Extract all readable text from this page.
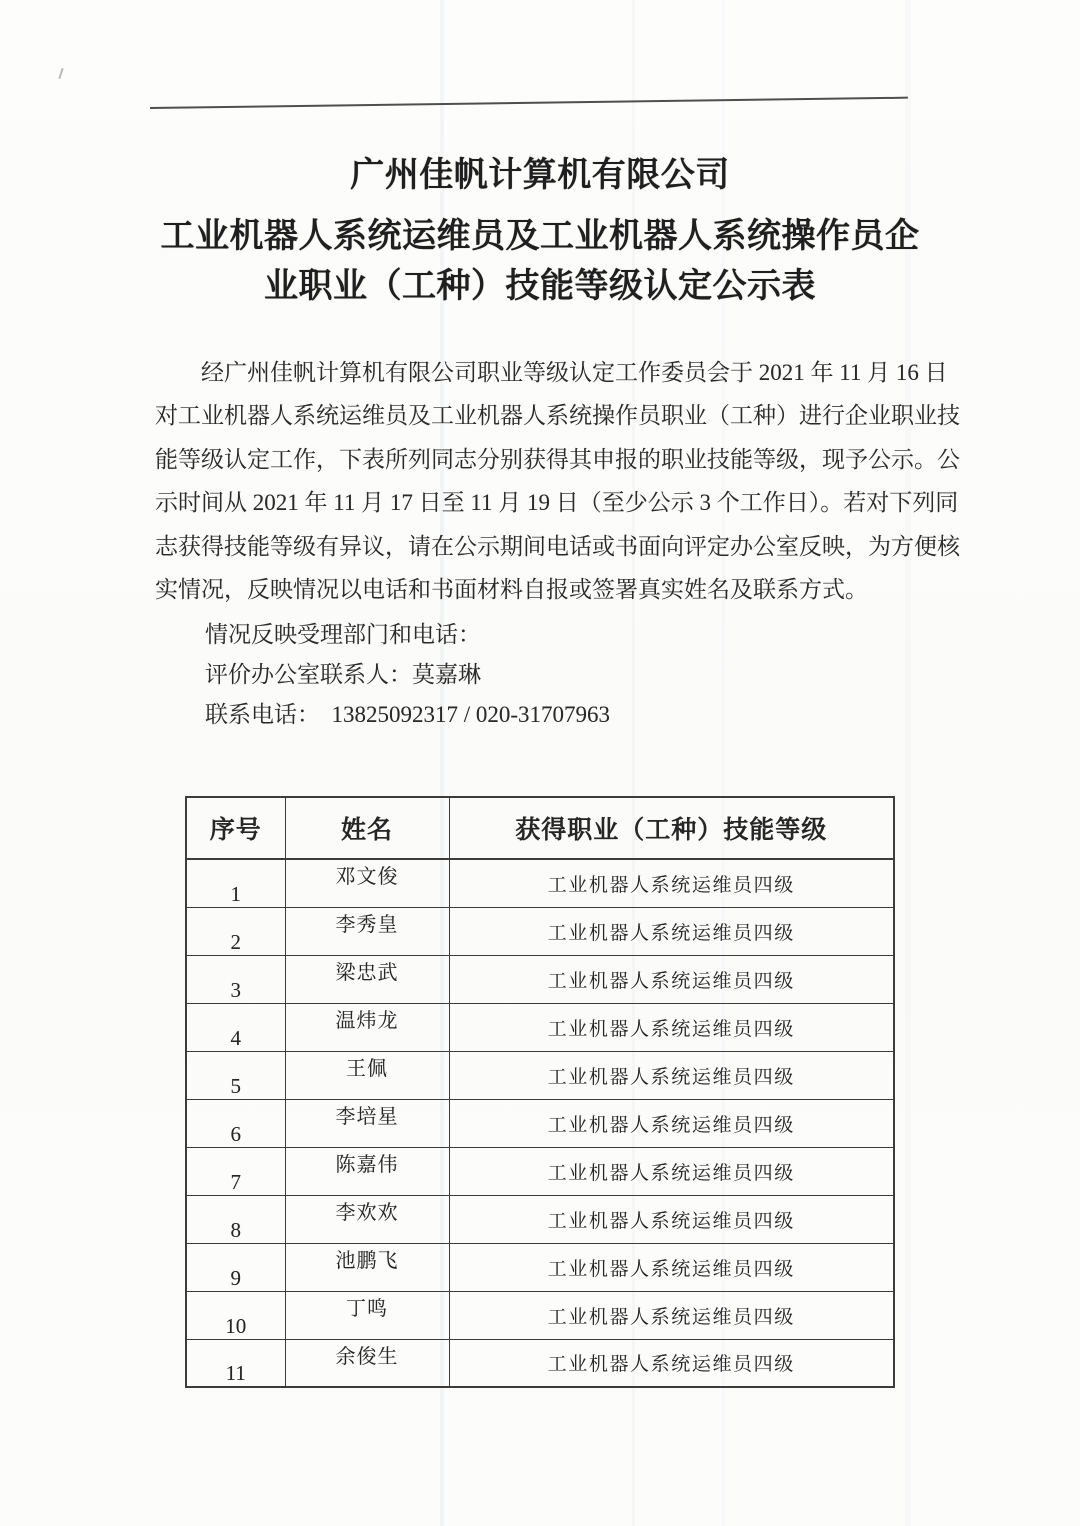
广州佳帆计算机有限公司
工业机器人系统运维员及工业机器人系统操作员企
业职业（工种）技能等级认定公示表
经广州佳帆计算机有限公司职业等级认定工作委员会于 2021 年 11 月 16 日
对工业机器人系统运维员及工业机器人系统操作员职业（工种）进行企业职业技
能等级认定工作，下表所列同志分别获得其申报的职业技能等级，现予公示。公
示时间从 2021 年 11 月 17 日至 11 月 19 日（至少公示 3 个工作日）。若对下列同
志获得技能等级有异议，请在公示期间电话或书面向评定办公室反映，为方便核
实情况，反映情况以电话和书面材料自报或签署真实姓名及联系方式。
情况反映受理部门和电话：
评价办公室联系人：莫嘉琳
联系电话：  13825092317 / 020-31707963
序号	姓名	获得职业（工种）技能等级
1	邓文俊	工业机器人系统运维员四级
2	李秀皇	工业机器人系统运维员四级
3	梁忠武	工业机器人系统运维员四级
4	温炜龙	工业机器人系统运维员四级
5	王佩	工业机器人系统运维员四级
6	李培星	工业机器人系统运维员四级
7	陈嘉伟	工业机器人系统运维员四级
8	李欢欢	工业机器人系统运维员四级
9	池鹏飞	工业机器人系统运维员四级
10	丁鸣	工业机器人系统运维员四级
11	余俊生	工业机器人系统运维员四级
